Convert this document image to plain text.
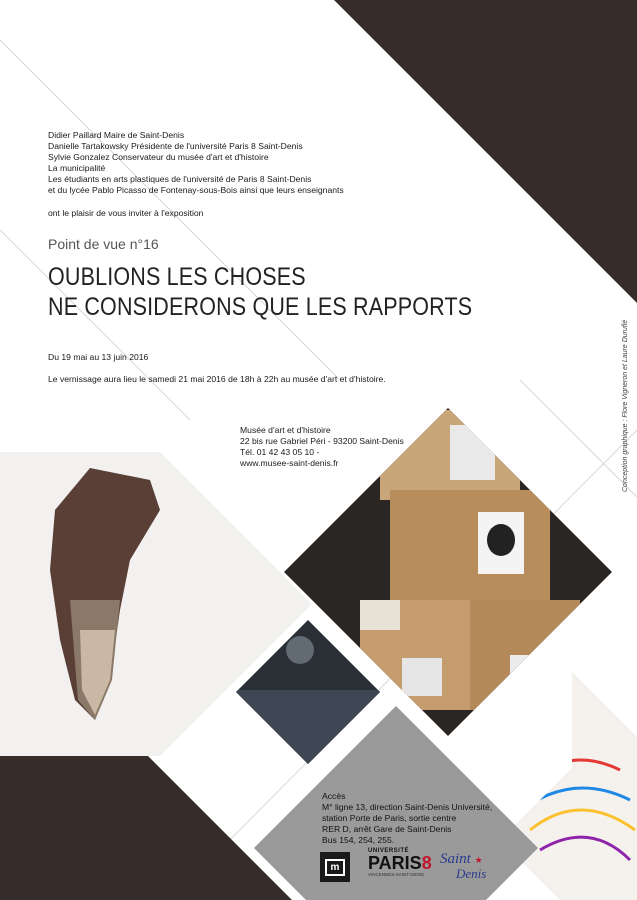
Didier Paillard Maire de Saint-Denis
Danielle Tartakowsky Présidente de l'université Paris 8 Saint-Denis
Sylvie Gonzalez Conservateur du musée d'art et d'histoire
La municipalité
Les étudiants en arts plastiques de l'université de Paris 8 Saint-Denis
et du lycée Pablo Picasso de Fontenay-sous-Bois ainsi que leurs enseignants
ont le plaisir de vous inviter à l'exposition
Point de vue n°16
OUBLIONS LES CHOSES
NE CONSIDERONS QUE LES RAPPORTS
Du 19 mai au 13 juin 2016
Le vernissage aura lieu le samedi 21 mai 2016 de 18h à 22h au musée d'art et d'histoire.
Musée d'art et d'histoire
22 bis rue Gabriel Péri - 93200 Saint-Denis
Tél. 01 42 43 05 10 -
www.musee-saint-denis.fr
Accès
M° ligne 13, direction Saint-Denis Université,
station Porte de Paris, sortie centre
RER D, arrêt Gare de Saint-Denis
Bus 154, 254, 255.
Conception graphique : Flore Vigneron et Laure Duruflé
m
UNIVERSITÉ
PARIS8
VINCENNES-SAINT-DENIS
Saint ★
Denis
